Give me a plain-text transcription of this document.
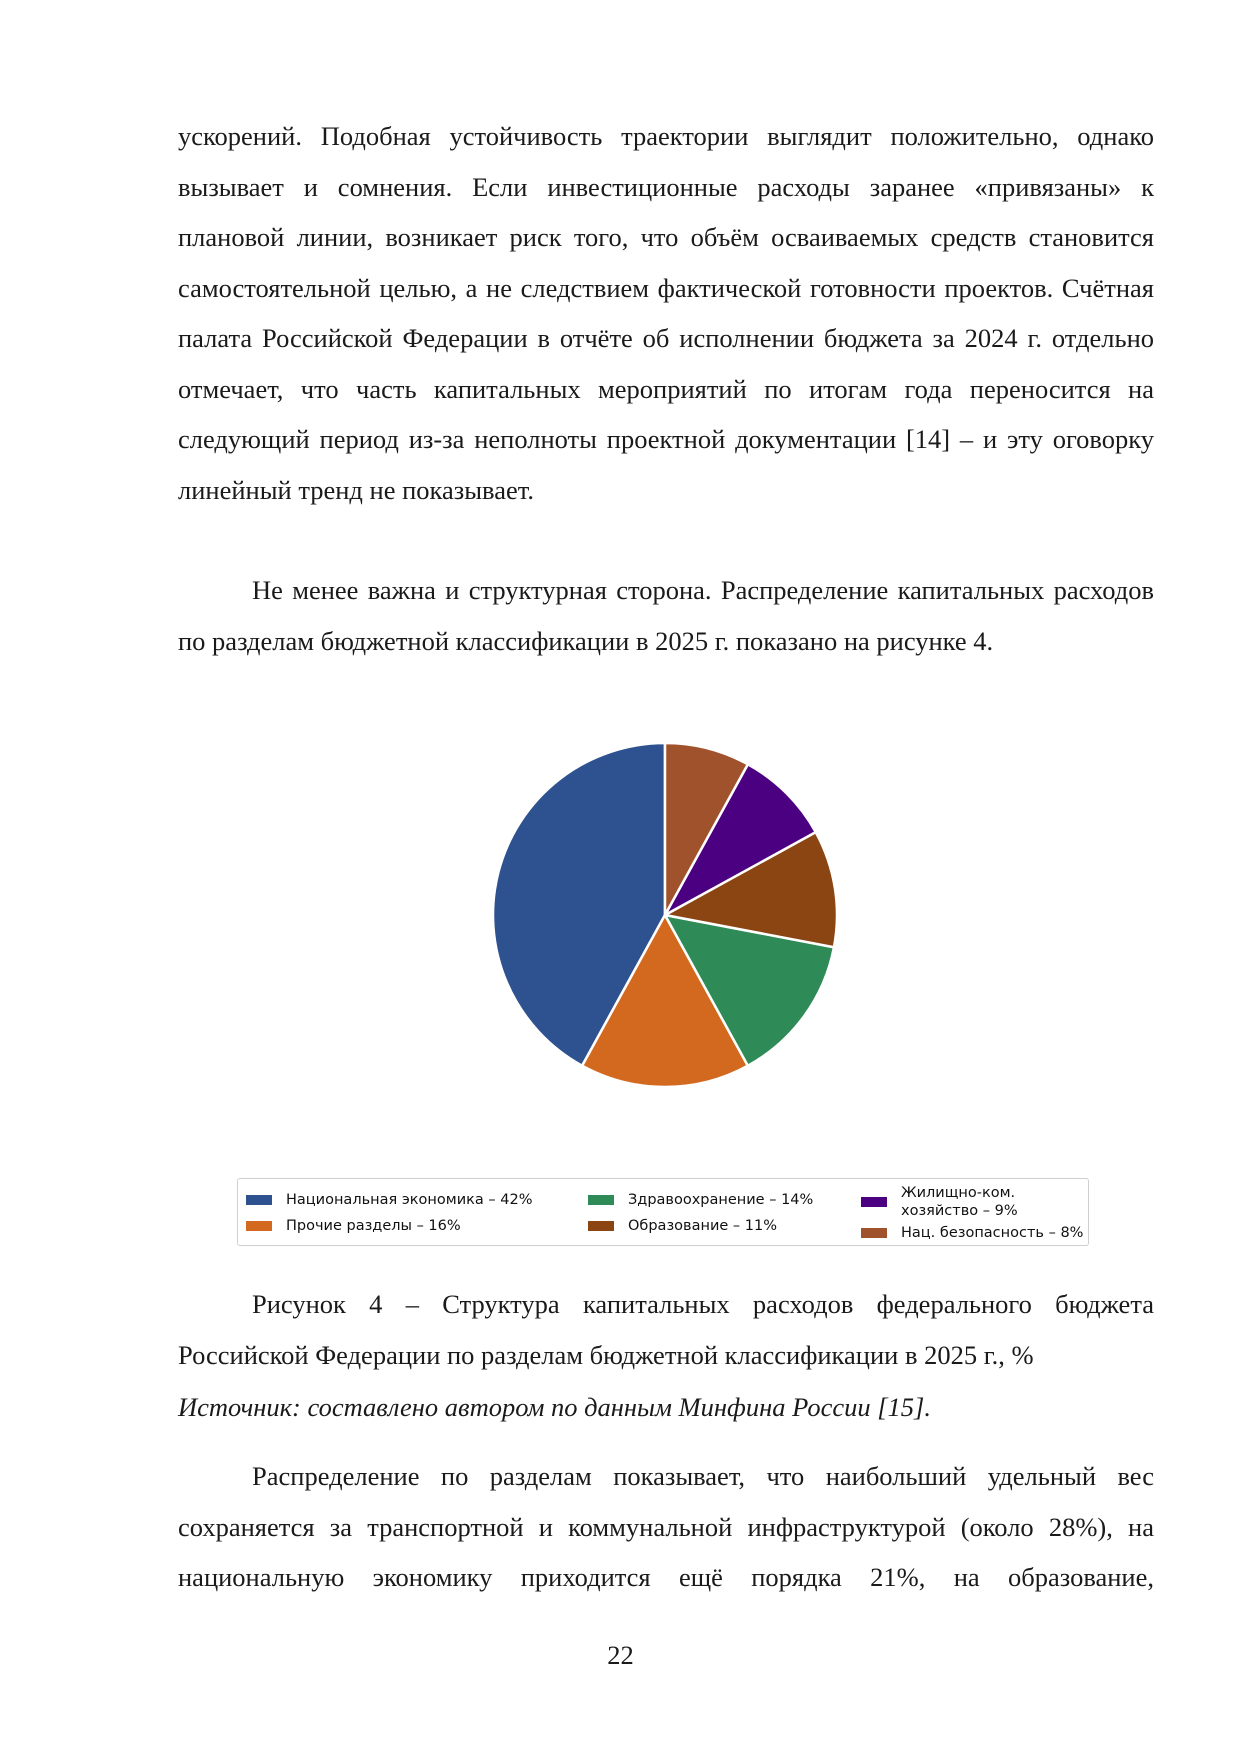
ускорений. Подобная устойчивость траектории выглядит положительно, однако вызывает и сомнения. Если инвестиционные расходы заранее «привязаны» к плановой линии, возникает риск того, что объём осваиваемых средств становится самостоятельной целью, а не следствием фактической готовности проектов. Счётная палата Российской Федерации в отчёте об исполнении бюджета за 2024 г. отдельно отмечает, что часть капитальных мероприятий по итогам года переносится на следующий период из-за неполноты проектной документации [14] – и эту оговорку линейный тренд не показывает.

Не менее важна и структурная сторона. Распределение капитальных расходов по разделам бюджетной классификации в 2025 г. показано на рисунке 4.

Национальная экономика – 42%
Прочие разделы – 16%
Здравоохранение – 14%
Образование – 11%
Жилищно-ком. хозяйство – 9%
Нац. безопасность – 8%

Рисунок 4 – Структура капитальных расходов федерального бюджета Российской Федерации по разделам бюджетной классификации в 2025 г., %

Источник: составлено автором по данным Минфина России [15].

Распределение по разделам показывает, что наибольший удельный вес сохраняется за транспортной и коммунальной инфраструктурой (около 28%), на национальную экономику приходится ещё порядка 21%, на образование,

22
